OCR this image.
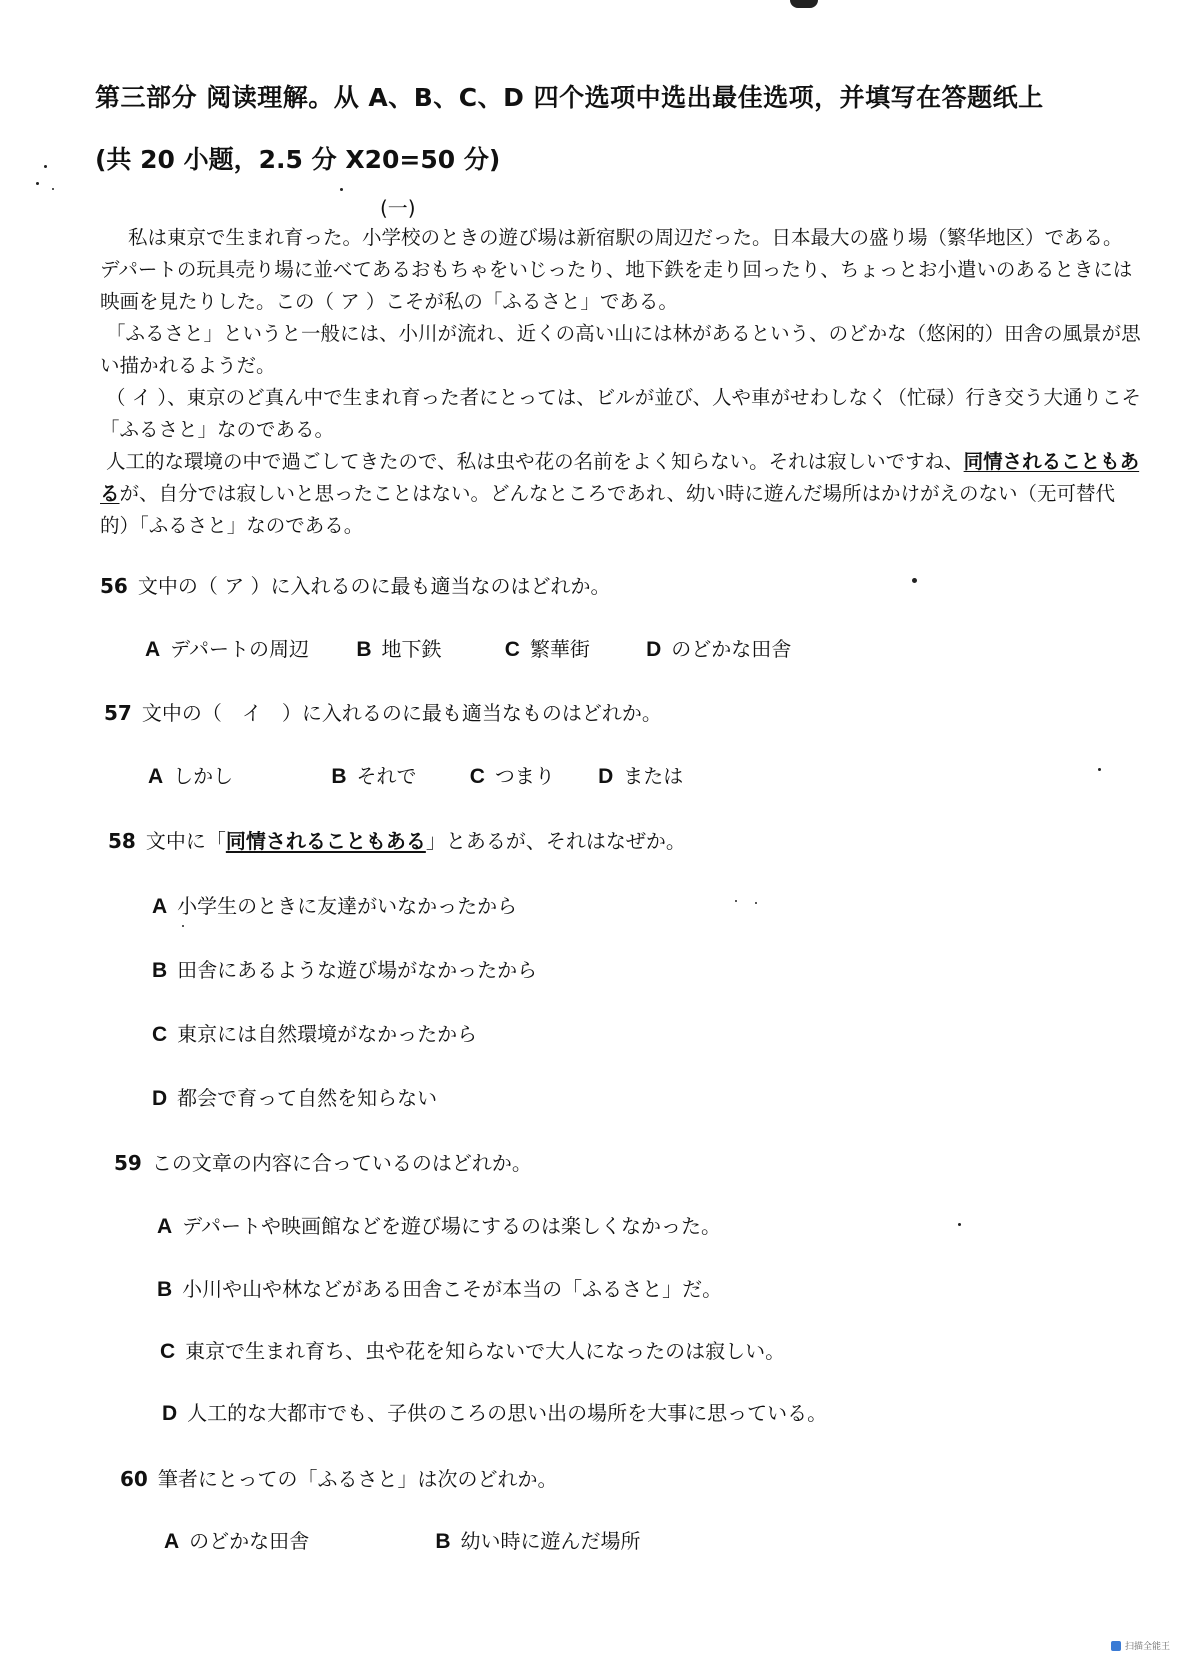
第三部分 阅读理解。从 A、B、C、D 四个选项中选出最佳选项，并填写在答题纸上
(共 20 小题，2.5 分 X20=50 分)
(一)

私は東京で生まれ育った。小学校のときの遊び場は新宿駅の周辺だった。日本最大の盛り場（繁华地区）である。デパートの玩具売り場に並べてあるおもちゃをいじったり、地下鉄を走り回ったり、ちょっとお小遣いのあるときには映画を見たりした。この（ ア ）こそが私の「ふるさと」である。

「ふるさと」というと一般には、小川が流れ、近くの高い山には林があるという、のどかな（悠闲的）田舎の風景が思い描かれるようだ。

（ イ ）、東京のど真ん中で生まれ育った者にとっては、ビルが並び、人や車がせわしなく（忙碌）行き交う大通りこそ「ふるさと」なのである。

人工的な環境の中で過ごしてきたので、私は虫や花の名前をよく知らない。それは寂しいですね、同情されることもあるが、自分では寂しいと思ったことはない。どんなところであれ、幼い時に遊んだ場所はかけがえのない（无可替代的）「ふるさと」なのである。

56 文中の（ ア ）に入れるのに最も適当なのはどれか。
A デパートの周辺 B 地下鉄	C 繁華街	D のどかな田舎
57 文中の（　イ　）に入れるのに最も適当なものはどれか。
A しかし	B それで	C つまり D または
58 文中に「同情されることもある」とあるが、それはなぜか。
A 小学生のときに友達がいなかったから
B 田舎にあるような遊び場がなかったから
C 東京には自然環境がなかったから
D 都会で育って自然を知らない
59 この文章の内容に合っているのはどれか。
A デパートや映画館などを遊び場にするのは楽しくなかった。
B 小川や山や林などがある田舎こそが本当の「ふるさと」だ。
C 東京で生まれ育ち、虫や花を知らないで大人になったのは寂しい。
D 人工的な大都市でも、子供のころの思い出の場所を大事に思っている。
60 筆者にとっての「ふるさと」は次のどれか。
A のどかな田舎	B 幼い時に遊んだ場所
扫描全能王
